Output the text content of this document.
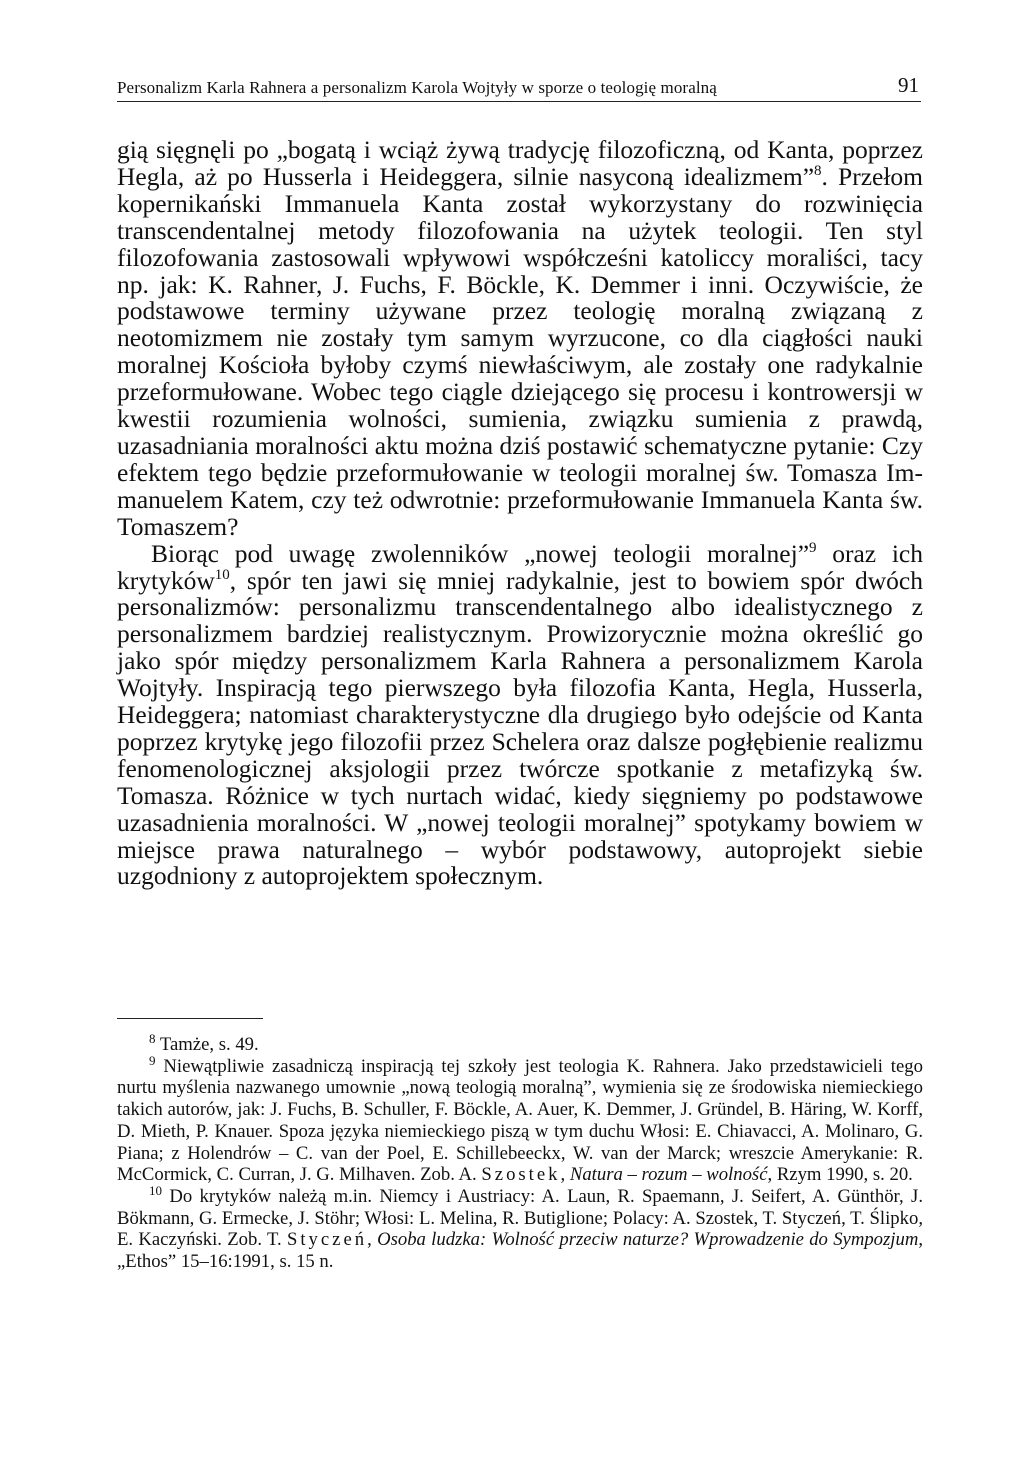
Personalizm Karla Rahnera a personalizm Karola Wojtyły w sporze o teologię moralną	91

gią sięgnęli po „bogatą i wciąż żywą tradycję filozoficzną, od Kanta, poprzez Hegla, aż po Husserla i Heideggera, silnie nasyconą idealizmem”$^8$. Przełom kopernikański Immanuela Kanta został wykorzystany do rozwinięcia transcendentalnej metody filozofowania na użytek teologii. Ten styl filozofowania zastosowali wpływowi współcześni katoliccy moraliści, tacy np. jak: K. Rahner, J. Fuchs, F. Böckle, K. Demmer i inni. Oczywiście, że podstawowe terminy używane przez teologię moralną związaną z neotomizmem nie zostały tym samym wyrzucone, co dla ciągłości nauki moralnej Kościoła byłoby czymś niewłaściwym, ale zostały one radykalnie przeformułowane. Wobec tego ciągle dziejącego się procesu i kontrowersji w kwestii rozumienia wolności, sumienia, związku sumienia z prawdą, uzasadniania moralności aktu można dziś postawić schematyczne pytanie: Czy efektem tego będzie przeformułowanie w teologii moralnej św. Tomasza Immanuelem Katem, czy też odwrotnie: przeformułowanie Immanuela Kanta św. Tomaszem?

Biorąc pod uwagę zwolenników „nowej teologii moralnej”$^9$ oraz ich krytyków$^{10}$, spór ten jawi się mniej radykalnie, jest to bowiem spór dwóch personalizmów: personalizmu transcendentalnego albo idealistycznego z personalizmem bardziej realistycznym. Prowizorycznie można określić go jako spór między personalizmem Karla Rahnera a personalizmem Karola Wojtyły. Inspiracją tego pierwszego była filozofia Kanta, Hegla, Husserla, Heideggera; natomiast charakterystyczne dla drugiego było odejście od Kanta poprzez krytykę jego filozofii przez Schelera oraz dalsze pogłębienie realizmu fenomenologicznej aksjologii przez twórcze spotkanie z metafizyką św. Tomasza. Różnice w tych nurtach widać, kiedy sięgniemy po podstawowe uzasadnienia moralności. W „nowej teologii moralnej” spotykamy bowiem w miejsce prawa naturalnego – wybór podstawowy, autoprojekt siebie uzgodniony z autoprojektem społecznym.

$^8$ Tamże, s. 49.

$^9$ Niewątpliwie zasadniczą inspiracją tej szkoły jest teologia K. Rahnera. Jako przedstawicieli tego nurtu myślenia nazwanego umownie „nową teologią moralną”, wymienia się ze środowiska niemieckiego takich autorów, jak: J. Fuchs, B. Schuller, F. Böckle, A. Auer, K. Demmer, J. Gründel, B. Häring, W. Korff, D. Mieth, P. Knauer. Spoza języka niemieckiego piszą w tym duchu Włosi: E. Chiavacci, A. Molinaro, G. Piana; z Holendrów – C. van der Poel, E. Schillebeeckx, W. van der Marck; wreszcie Amerykanie: R. McCormick, C. Curran, J. G. Milhaven. Zob. A. Szostek, Natura – rozum – wolność, Rzym 1990, s. 20.

$^{10}$ Do krytyków należą m.in. Niemcy i Austriacy: A. Laun, R. Spaemann, J. Seifert, A. Günthör, J. Bökmann, G. Ermecke, J. Stöhr; Włosi: L. Melina, R. Butiglione; Polacy: A. Szostek, T. Styczeń, T. Ślipko, E. Kaczyński. Zob. T. Styczeń, Osoba ludzka: Wolność przeciw naturze? Wprowadzenie do Sympozjum, „Ethos” 15–16:1991, s. 15 n.
